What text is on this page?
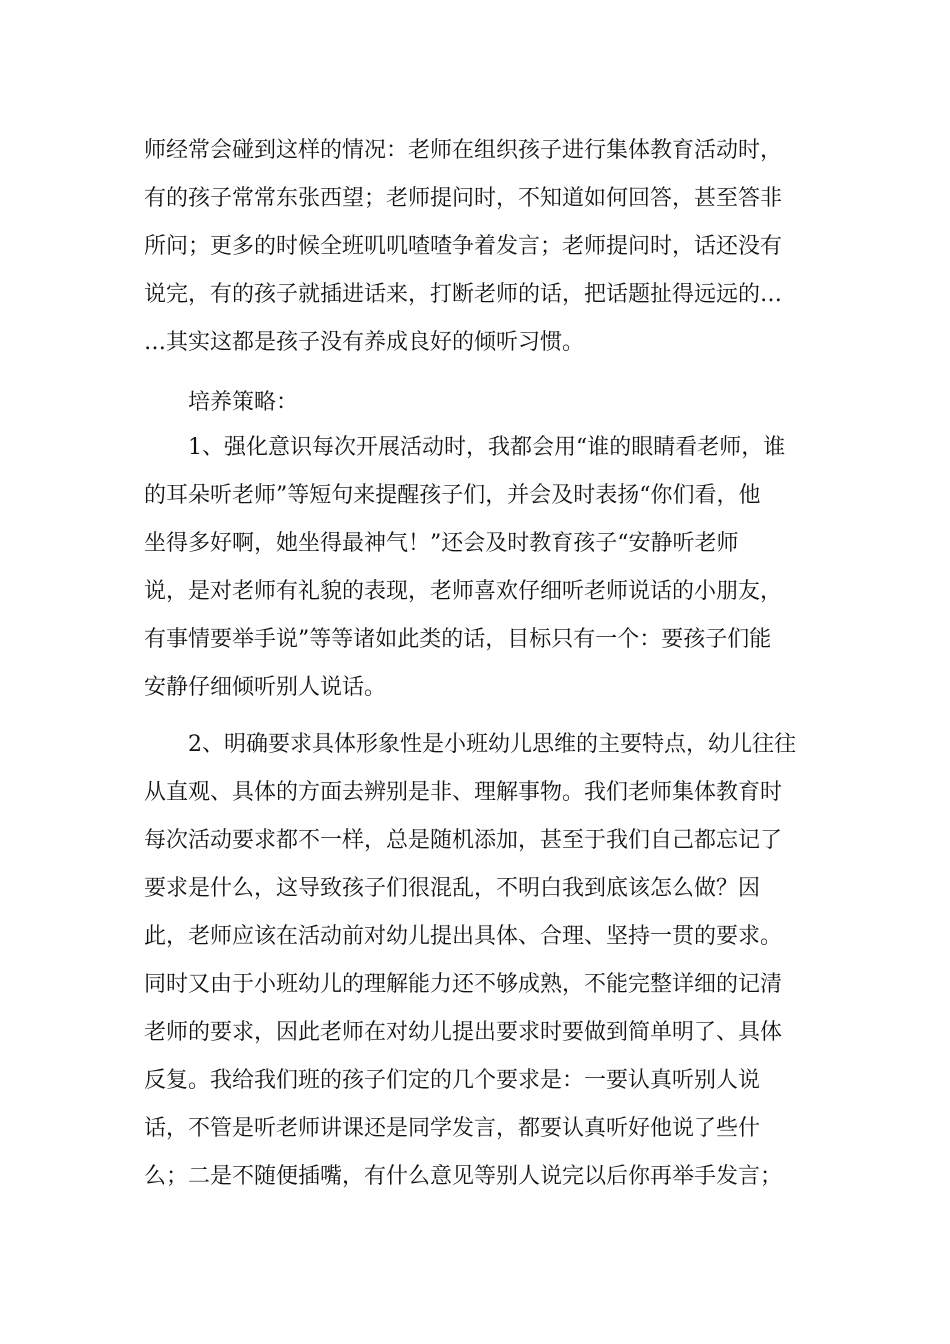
师经常会碰到这样的情况：老师在组织孩子进行集体教育活动时，
有的孩子常常东张西望；老师提问时，不知道如何回答，甚至答非
所问；更多的时候全班叽叽喳喳争着发言；老师提问时，话还没有
说完，有的孩子就插进话来，打断老师的话，把话题扯得远远的…
…其实这都是孩子没有养成良好的倾听习惯。
　　培养策略：
　　1、强化意识每次开展活动时，我都会用“谁的眼睛看老师，谁
的耳朵听老师”等短句来提醒孩子们，并会及时表扬“你们看，他
坐得多好啊，她坐得最神气！”还会及时教育孩子“安静听老师
说，是对老师有礼貌的表现，老师喜欢仔细听老师说话的小朋友，
有事情要举手说”等等诸如此类的话，目标只有一个：要孩子们能
安静仔细倾听别人说话。
　　2、明确要求具体形象性是小班幼儿思维的主要特点，幼儿往往
从直观、具体的方面去辨别是非、理解事物。我们老师集体教育时
每次活动要求都不一样，总是随机添加，甚至于我们自己都忘记了
要求是什么，这导致孩子们很混乱，不明白我到底该怎么做？因
此，老师应该在活动前对幼儿提出具体、合理、坚持一贯的要求。
同时又由于小班幼儿的理解能力还不够成熟，不能完整详细的记清
老师的要求，因此老师在对幼儿提出要求时要做到简单明了、具体
反复。我给我们班的孩子们定的几个要求是：一要认真听别人说
话，不管是听老师讲课还是同学发言，都要认真听好他说了些什
么；二是不随便插嘴，有什么意见等别人说完以后你再举手发言；
